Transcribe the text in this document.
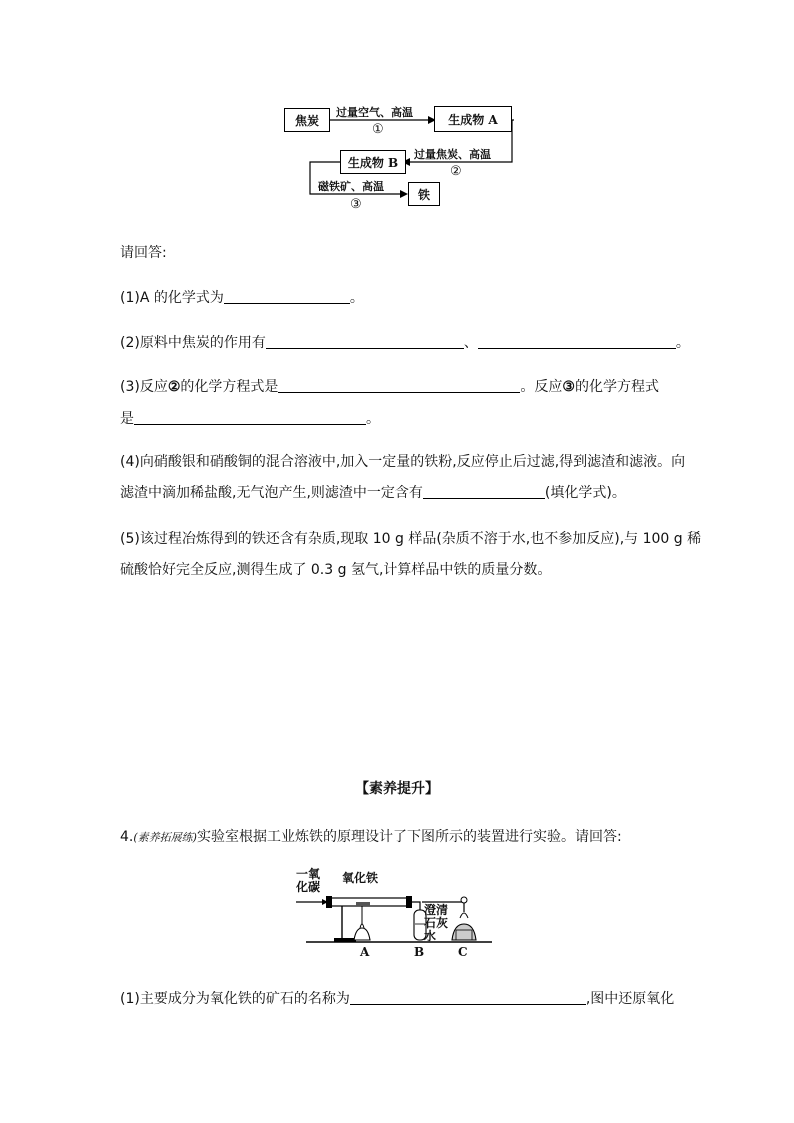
焦炭	生成物 A
生成物 B
铁
过量空气、高温
①
过量焦炭、高温
②
磁铁矿、高温
③
请回答:
(1)A 的化学式为	。
(2)原料中焦炭的作用有	、	。
(3)反应②的化学方程式是	。反应③的化学方程式
是	。
(4)向硝酸银和硝酸铜的混合溶液中,加入一定量的铁粉,反应停止后过滤,得到滤渣和滤液。向
滤渣中滴加稀盐酸,无气泡产生,则滤渣中一定含有	(填化学式)。
(5)该过程冶炼得到的铁还含有杂质,现取 10 g 样品(杂质不溶于水,也不参加反应),与 100 g 稀
硫酸恰好完全反应,测得生成了 0.3 g 氢气,计算样品中铁的质量分数。
【素养提升】
4.(素养拓展练)实验室根据工业炼铁的原理设计了下图所示的装置进行实验。请回答:
一氧
化碳
氧化铁
澄清
石灰
水
A	B	C
(1)主要成分为氧化铁的矿石的名称为	,图中还原氧化
